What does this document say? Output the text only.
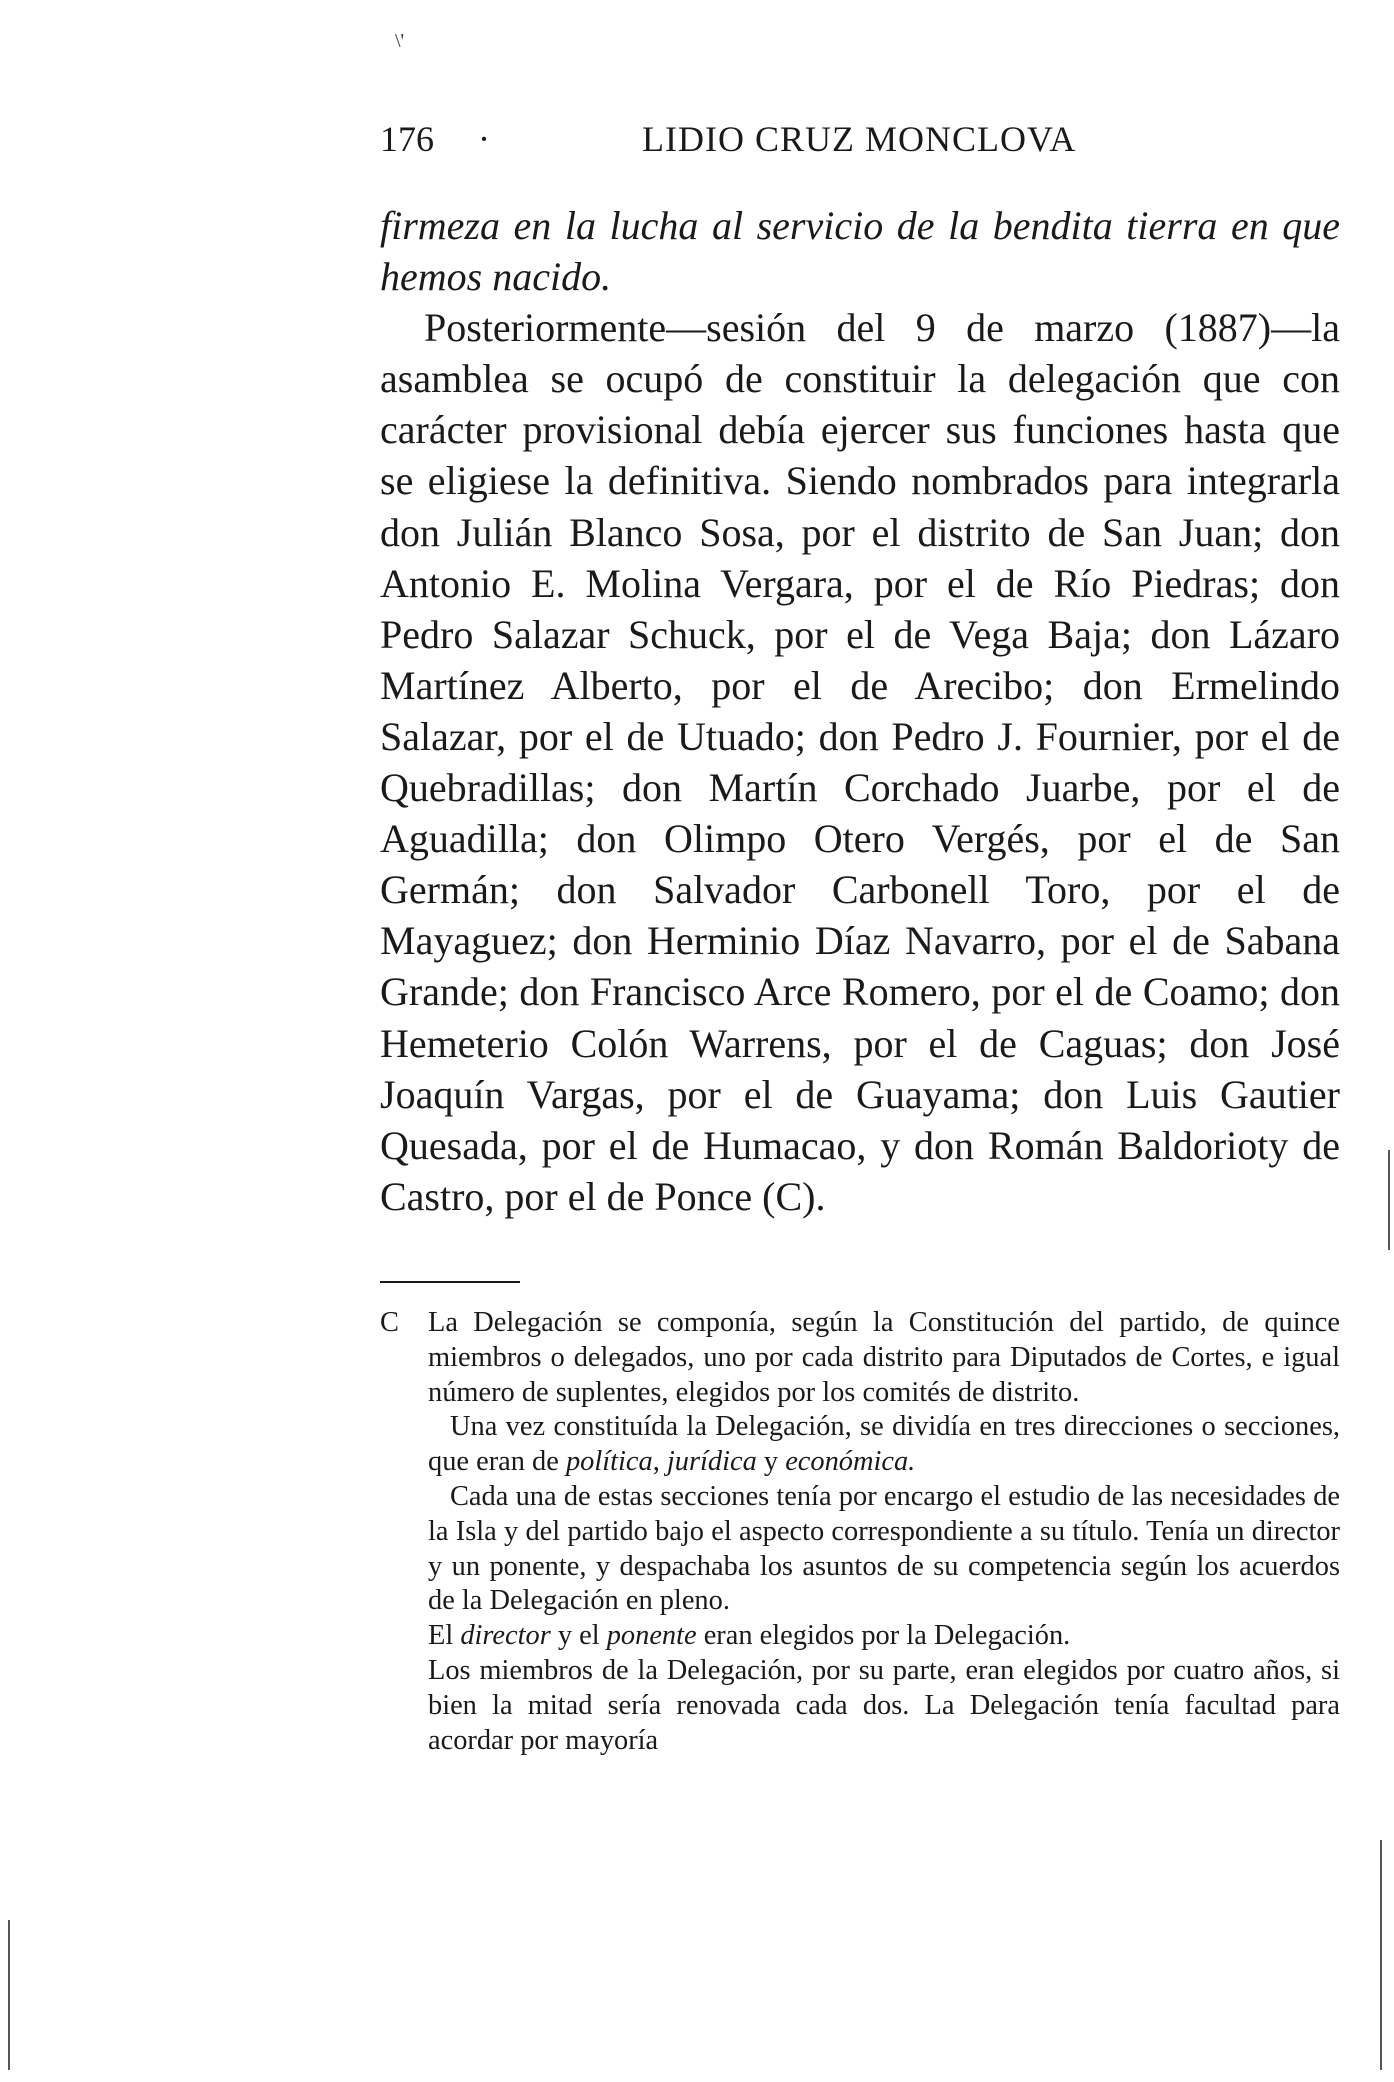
\'
176 ·	LIDIO CRUZ MONCLOVA

firmeza en la lucha al servicio de la bendita tierra en que hemos nacido.

Posteriormente—sesión del 9 de marzo (1887)—la asamblea se ocupó de constituir la delegación que con carácter provisional debía ejercer sus funciones hasta que se eligiese la definitiva. Siendo nombrados para integrarla don Julián Blanco Sosa, por el distrito de San Juan; don Antonio E. Molina Vergara, por el de Río Piedras; don Pedro Salazar Schuck, por el de Vega Baja; don Lázaro Martínez Alberto, por el de Arecibo; don Ermelindo Salazar, por el de Utuado; don Pedro J. Fournier, por el de Quebradillas; don Martín Corchado Juarbe, por el de Aguadilla; don Olimpo Otero Vergés, por el de San Germán; don Salvador Carbonell Toro, por el de Mayaguez; don Herminio Díaz Navarro, por el de Sabana Grande; don Francisco Arce Romero, por el de Coamo; don Hemeterio Colón Warrens, por el de Caguas; don José Joaquín Vargas, por el de Guayama; don Luis Gautier Quesada, por el de Humacao, y don Román Baldorioty de Castro, por el de Ponce (C).

C La Delegación se componía, según la Constitución del partido, de quince miembros o delegados, uno por cada distrito para Diputados de Cortes, e igual número de suplentes, elegidos por los comités de distrito.

Una vez constituída la Delegación, se dividía en tres direcciones o secciones, que eran de política, jurídica y económica.

Cada una de estas secciones tenía por encargo el estudio de las necesidades de la Isla y del partido bajo el aspecto correspondiente a su título. Tenía un director y un ponente, y despachaba los asuntos de su competencia según los acuerdos de la Delegación en pleno.

El director y el ponente eran elegidos por la Delegación.

Los miembros de la Delegación, por su parte, eran elegidos por cuatro años, si bien la mitad sería renovada cada dos. La Delegación tenía facultad para acordar por mayoría
